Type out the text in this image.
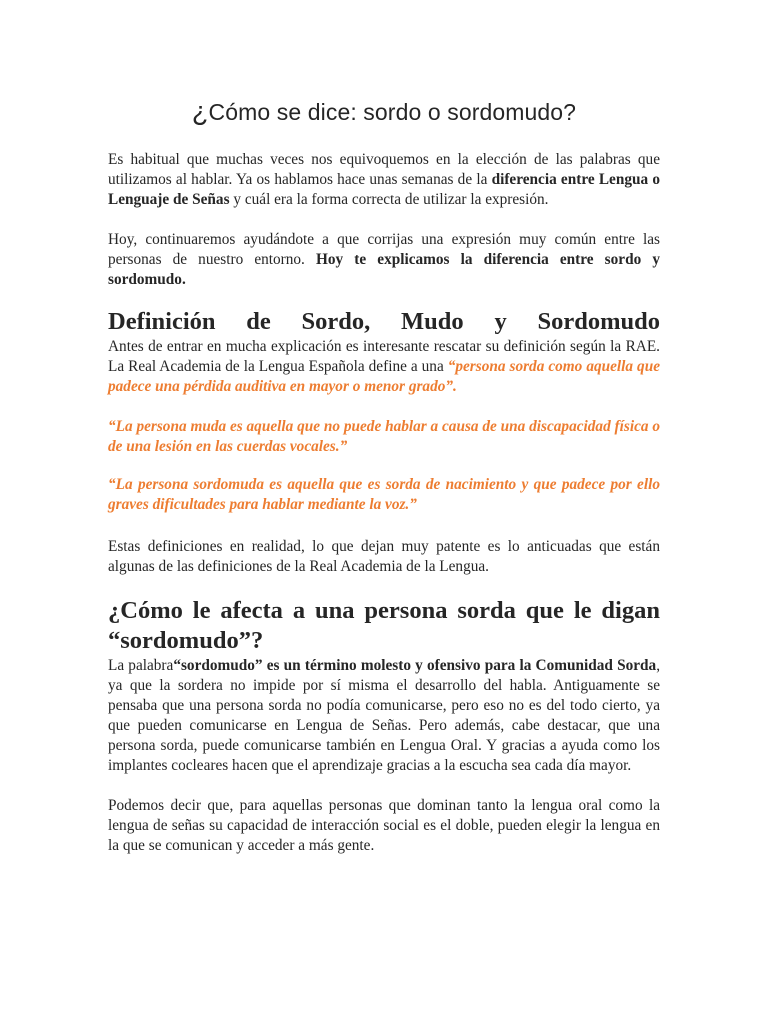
¿Cómo se dice: sordo o sordomudo?

Es habitual que muchas veces nos equivoquemos en la elección de las palabras que utilizamos al hablar. Ya os hablamos hace unas semanas de la diferencia entre Lengua o Lenguaje de Señas y cuál era la forma correcta de utilizar la expresión.

Hoy, continuaremos ayudándote a que corrijas una expresión muy común entre las personas de nuestro entorno. Hoy te explicamos la diferencia entre sordo y sordomudo.

Definición de Sordo, Mudo y Sordomudo

Antes de entrar en mucha explicación es interesante rescatar su definición según la RAE. La Real Academia de la Lengua Española define a una “persona sorda como aquella que padece una pérdida auditiva en mayor o menor grado”.

“La persona muda es aquella que no puede hablar a causa de una discapacidad física o de una lesión en las cuerdas vocales.”

“La persona sordomuda es aquella que es sorda de nacimiento y que padece por ello graves dificultades para hablar mediante la voz.”

Estas definiciones en realidad, lo que dejan muy patente es lo anticuadas que están algunas de las definiciones de la Real Academia de la Lengua.

¿Cómo le afecta a una persona sorda que le digan “sordomudo”?

La palabra“sordomudo” es un término molesto y ofensivo para la Comunidad Sorda, ya que la sordera no impide por sí misma el desarrollo del habla. Antiguamente se pensaba que una persona sorda no podía comunicarse, pero eso no es del todo cierto, ya que pueden comunicarse en Lengua de Señas. Pero además, cabe destacar, que una persona sorda, puede comunicarse también en Lengua Oral. Y gracias a ayuda como los implantes cocleares hacen que el aprendizaje gracias a la escucha sea cada día mayor.

Podemos decir que, para aquellas personas que dominan tanto la lengua oral como la lengua de señas su capacidad de interacción social es el doble, pueden elegir la lengua en la que se comunican y acceder a más gente.
